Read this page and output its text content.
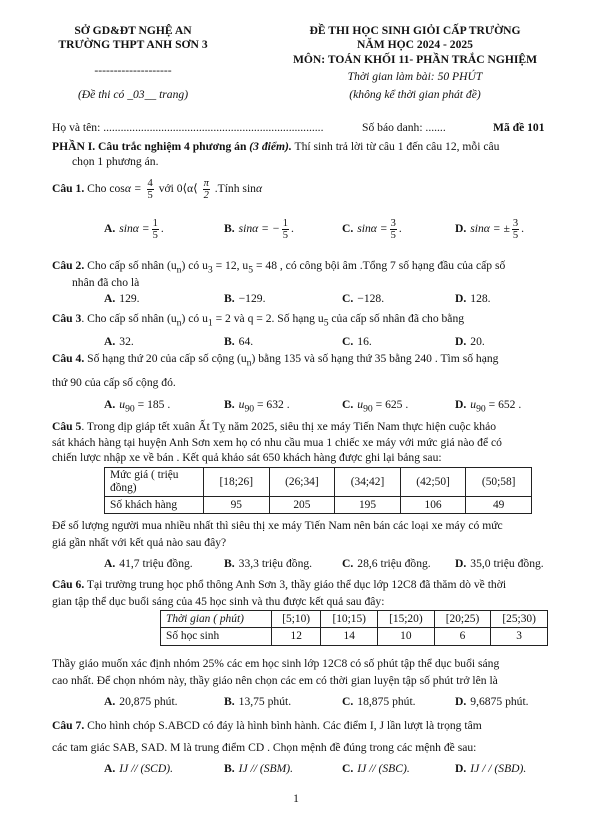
SỞ GD&ĐT NGHỆ AN
TRƯỜNG THPT ANH SƠN 3
--------------------
(Đề thi có _03__ trang)
ĐỀ THI HỌC SINH GIỎI CẤP TRƯỜNG
NĂM HỌC 2024 - 2025
MÔN: TOÁN KHỐI 11- PHẦN TRẮC NGHIỆM
Thời gian làm bài: 50 PHÚT
(không kể thời gian phát đề)
Họ và tên: ............................................................................	Số báo danh: .......	Mã đề 101
PHẦN I. Câu trắc nghiệm 4 phương án (3 điểm). Thí sinh trả lời từ câu 1 đến câu 12, mỗi câu
chọn 1 phương án.
Câu 1. Cho $\cos\alpha = \frac{4}{5}$ với 0⟨α⟨ $\frac{\pi}{2}$ .Tính sinα
A. $\sin\alpha = \frac{1}{5}$ .	B. sinα = − $\frac{1}{5}$ .	C. $\sin\alpha = \frac{3}{5}$ .	D. sinα = ± $\frac{3}{5}$ .
Câu 2. Cho cấp số nhân $(u_n)$ có $u_3 = 12$, $u_5 = 48$ , có công bội âm .Tổng 7 số hạng đầu của cấp số
nhân đã cho là
A. 129.	B. −129.	C. −128.	D. 128.
Câu 3. Cho cấp số nhân $(u_n)$ có $u_1 = 2$ và q = 2. Số hạng $u_5$ của cấp số nhân đã cho bằng
A. 32.	B. 64.	C. 16.	D. 20.
Câu 4. Số hạng thứ 20 của cấp số cộng $(u_n)$ bằng 135 và số hạng thứ 35 bằng 240 . Tìm số hạng
thứ 90 của cấp số cộng đó.
A. $u_{90} = 185$ .	B. $u_{90} = 632$ .	C. $u_{90} = 625$ .	D. $u_{90} = 652$ .
Câu 5. Trong dịp giáp tết xuân Ất Tỵ năm 2025, siêu thị xe máy Tiến Nam thực hiện cuộc khảo
sát khách hàng tại huyện Anh Sơn xem họ có nhu cầu mua 1 chiếc xe máy với mức giá nào để có
chiến lược nhập xe về bán . Kết quả khảo sát 650 khách hàng được ghi lại bảng sau:
Mức giá ( triệu đồng)	[18;26]	(26;34]	(34;42]	(42;50]	(50;58]
Số khách hàng	95	205	195	106	49
Để số lượng người mua nhiều nhất thì siêu thị xe máy Tiến Nam nên bán các loại xe máy có mức
giá gần nhất với kết quả nào sau đây?
A. 41,7 triệu đồng.	B. 33,3 triệu đồng.	C. 28,6 triệu đồng. D. 35,0 triệu đồng.
Câu 6. Tại trường trung học phổ thông Anh Sơn 3, thầy giáo thể dục lớp 12C8 đã thăm dò về thời
gian tập thể dục buổi sáng của 45 học sinh và thu được kết quả sau đây:
Thời gian ( phút)	[5;10)	[10;15)	[15;20)	[20;25)	[25;30)
Số học sinh	12	14	10	6	3
Thầy giáo muốn xác định nhóm 25% các em học sinh lớp 12C8 có số phút tập thể dục buổi sáng
cao nhất. Để chọn nhóm này, thầy giáo nên chọn các em có thời gian luyện tập số phút trở lên là
A. 20,875 phút.	B. 13,75 phút.	C. 18,875 phút.	D. 9,6875 phút.
Câu 7. Cho hình chóp S.ABCD có đáy là hình bình hành. Các điểm I, J lần lượt là trọng tâm
các tam giác SAB, SAD. M là trung điểm CD . Chọn mệnh đề đúng trong các mệnh đề sau:
A. IJ // (SCD).	B. IJ // (SBM).	C. IJ // (SBC).	D. IJ / / (SBD).
1
